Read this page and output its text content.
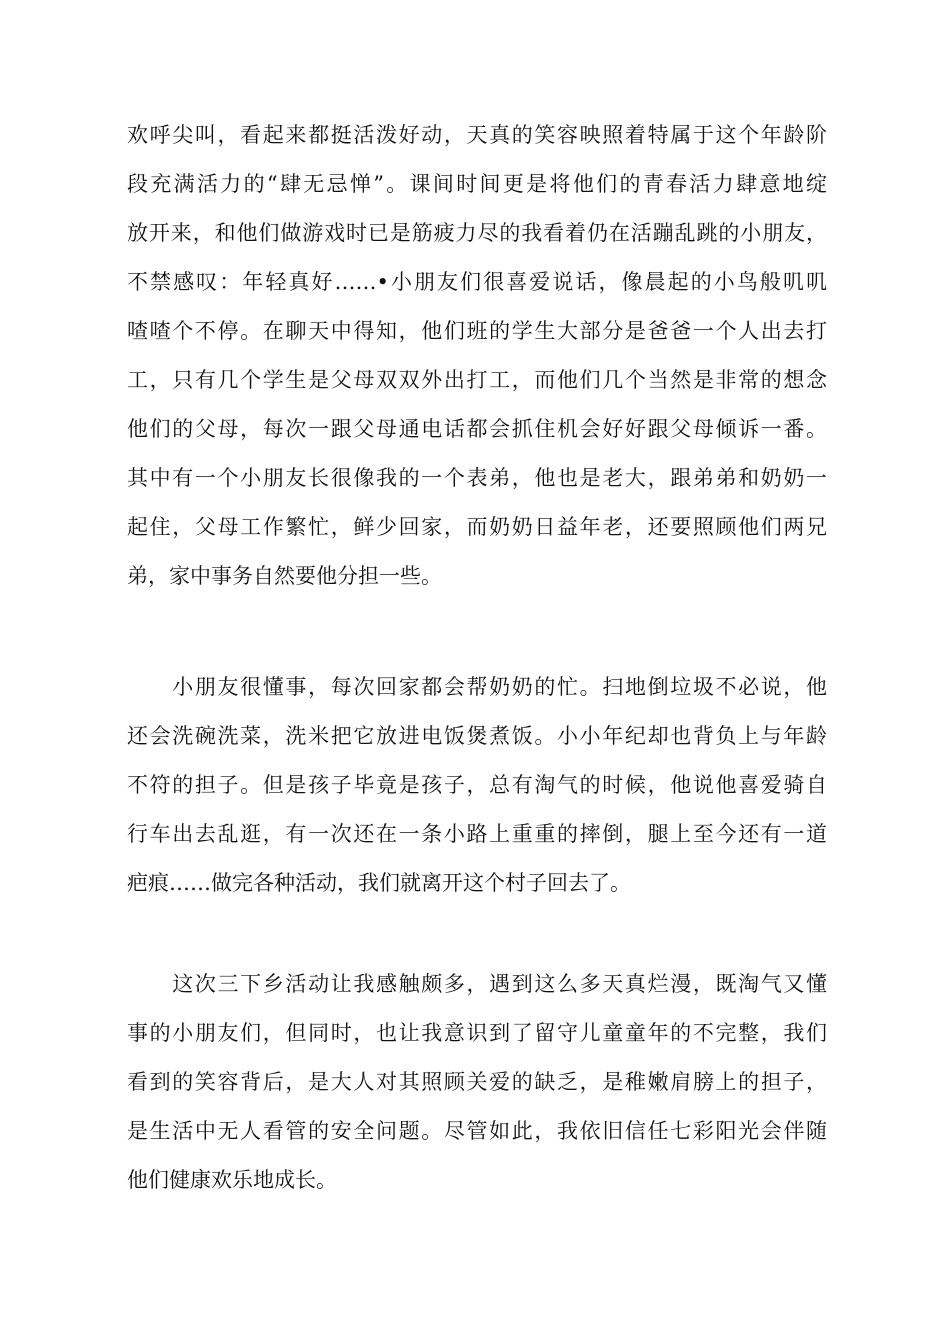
欢呼尖叫，看起来都挺活泼好动，天真的笑容映照着特属于这个年龄阶
段充满活力的“肆无忌惮”。课间时间更是将他们的青春活力肆意地绽
放开来，和他们做游戏时已是筋疲力尽的我看着仍在活蹦乱跳的小朋友，
不禁感叹：年轻真好……•小朋友们很喜爱说话，像晨起的小鸟般叽叽
喳喳个不停。在聊天中得知，他们班的学生大部分是爸爸一个人出去打
工，只有几个学生是父母双双外出打工，而他们几个当然是非常的想念
他们的父母，每次一跟父母通电话都会抓住机会好好跟父母倾诉一番。
其中有一个小朋友长很像我的一个表弟，他也是老大，跟弟弟和奶奶一
起住，父母工作繁忙，鲜少回家，而奶奶日益年老，还要照顾他们两兄
弟，家中事务自然要他分担一些。
　　小朋友很懂事，每次回家都会帮奶奶的忙。扫地倒垃圾不必说，他
还会洗碗洗菜，洗米把它放进电饭煲煮饭。小小年纪却也背负上与年龄
不符的担子。但是孩子毕竟是孩子，总有淘气的时候，他说他喜爱骑自
行车出去乱逛，有一次还在一条小路上重重的摔倒，腿上至今还有一道
疤痕……做完各种活动，我们就离开这个村子回去了。
　　这次三下乡活动让我感触颇多，遇到这么多天真烂漫，既淘气又懂
事的小朋友们，但同时，也让我意识到了留守儿童童年的不完整，我们
看到的笑容背后，是大人对其照顾关爱的缺乏，是稚嫩肩膀上的担子，
是生活中无人看管的安全问题。尽管如此，我依旧信任七彩阳光会伴随
他们健康欢乐地成长。
